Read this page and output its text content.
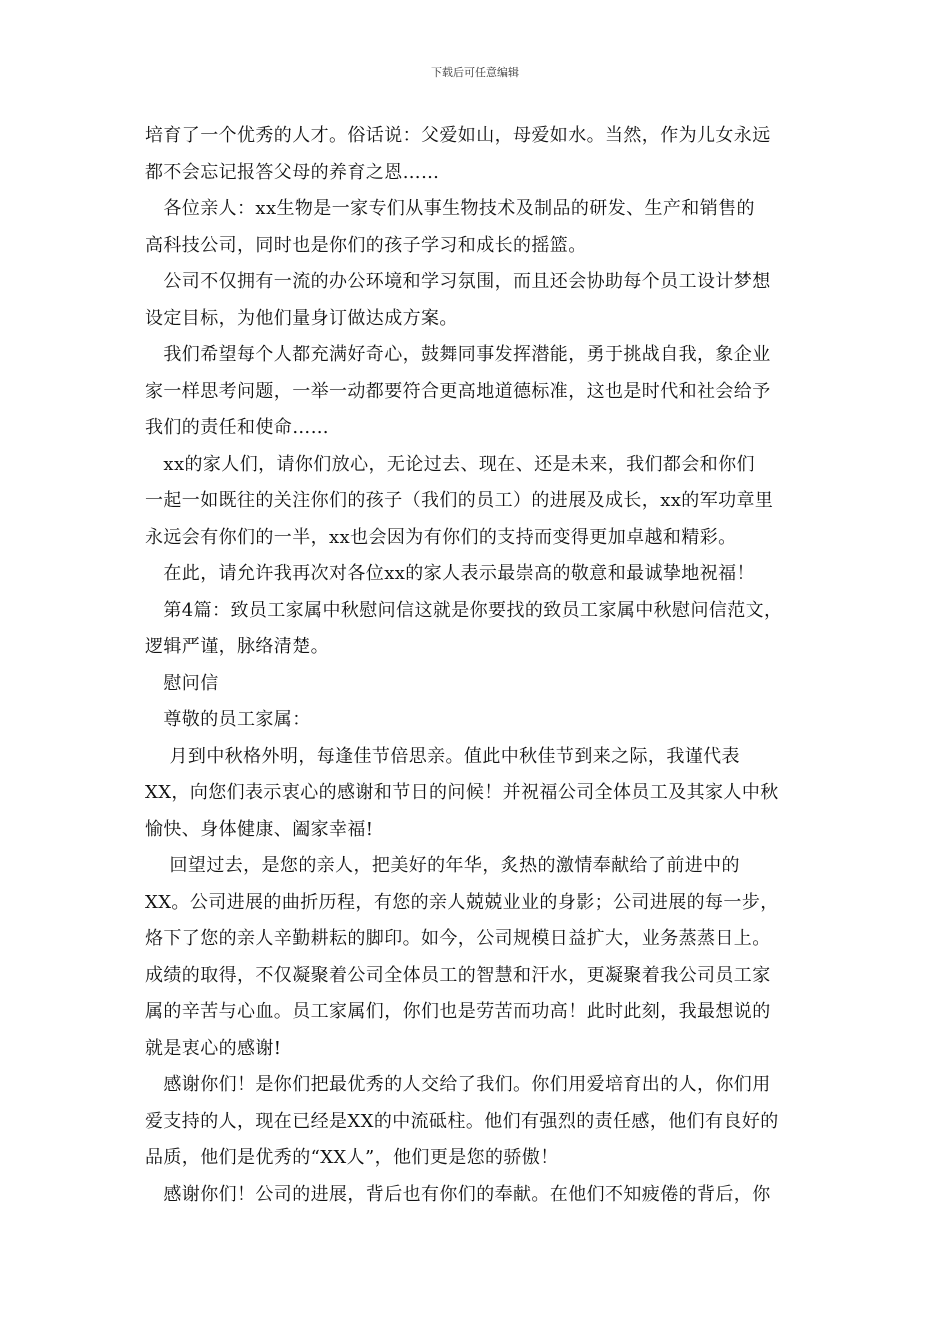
下载后可任意编辑
培育了一个优秀的人才。俗话说：父爱如山，母爱如水。当然，作为儿女永远
都不会忘记报答父母的养育之恩……
　各位亲人：xx生物是一家专们从事生物技术及制品的研发、生产和销售的
高科技公司，同时也是你们的孩子学习和成长的摇篮。
　公司不仅拥有一流的办公环境和学习氛围，而且还会协助每个员工设计梦想
设定目标，为他们量身订做达成方案。
　我们希望每个人都充满好奇心，鼓舞同事发挥潜能，勇于挑战自我，象企业
家一样思考问题，一举一动都要符合更高地道德标准，这也是时代和社会给予
我们的责任和使命……
　xx的家人们，请你们放心，无论过去、现在、还是未来，我们都会和你们
一起一如既往的关注你们的孩子（我们的员工）的进展及成长，xx的军功章里
永远会有你们的一半，xx也会因为有你们的支持而变得更加卓越和精彩。
　在此，请允许我再次对各位xx的家人表示最崇高的敬意和最诚挚地祝福！
　第4篇：致员工家属中秋慰问信这就是你要找的致员工家属中秋慰问信范文，
逻辑严谨，脉络清楚。
　慰问信
　尊敬的员工家属：
　 月到中秋格外明，每逢佳节倍思亲。值此中秋佳节到来之际，我谨代表
XX，向您们表示衷心的感谢和节日的问候！并祝福公司全体员工及其家人中秋
愉快、身体健康、阖家幸福!
　 回望过去，是您的亲人，把美好的年华，炙热的激情奉献给了前进中的
XX。公司进展的曲折历程，有您的亲人兢兢业业的身影；公司进展的每一步，
烙下了您的亲人辛勤耕耘的脚印。如今，公司规模日益扩大，业务蒸蒸日上。
成绩的取得，不仅凝聚着公司全体员工的智慧和汗水，更凝聚着我公司员工家
属的辛苦与心血。员工家属们，你们也是劳苦而功高！此时此刻，我最想说的
就是衷心的感谢!
　感谢你们！是你们把最优秀的人交给了我们。你们用爱培育出的人，你们用
爱支持的人，现在已经是XX的中流砥柱。他们有强烈的责任感，他们有良好的
品质，他们是优秀的“XX人”，他们更是您的骄傲！
　感谢你们！公司的进展，背后也有你们的奉献。在他们不知疲倦的背后，你
